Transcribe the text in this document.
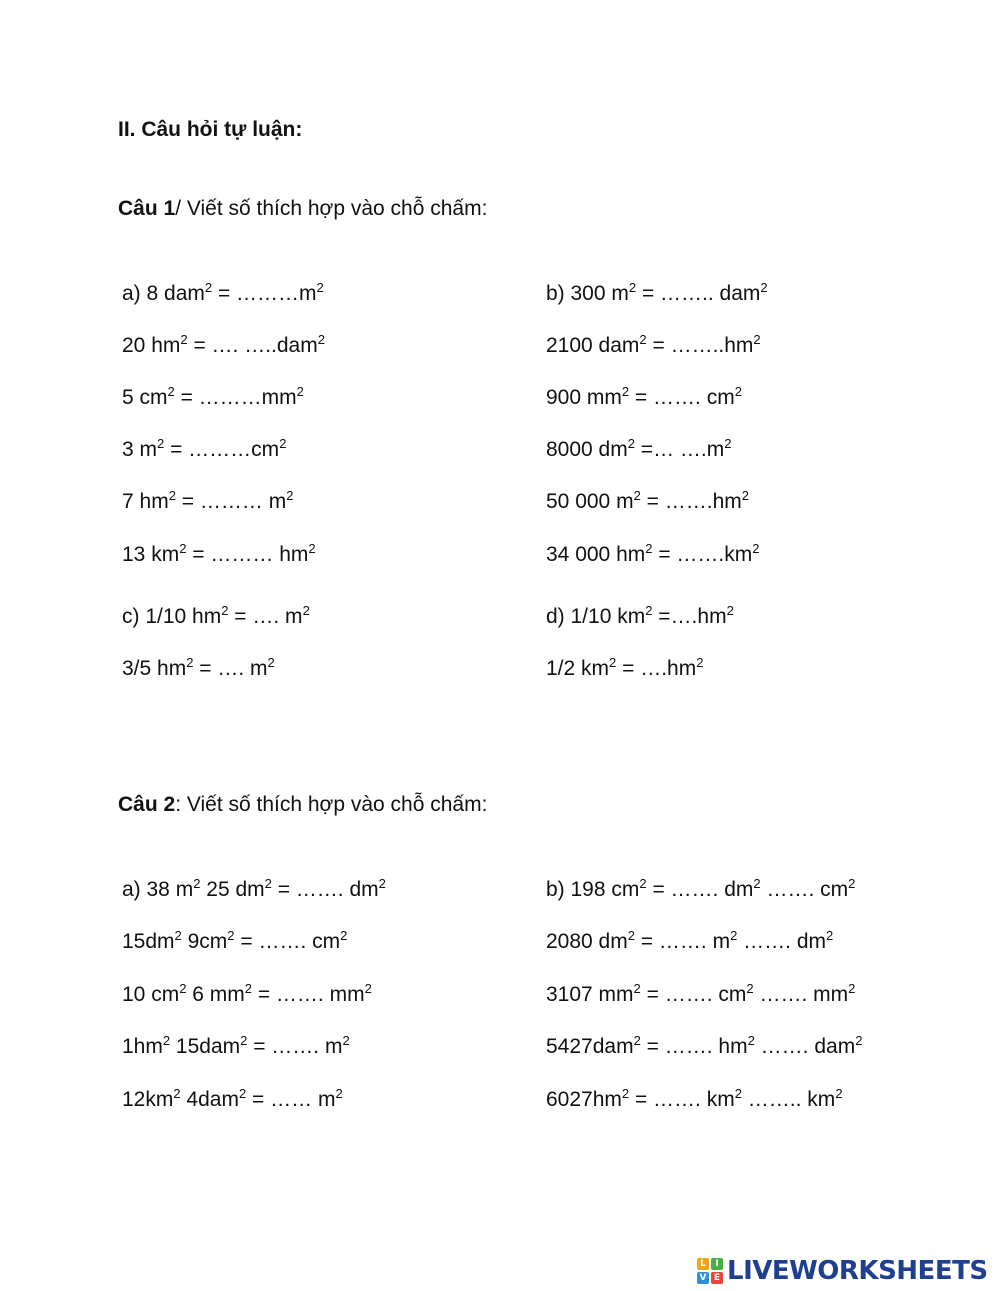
II. Câu hỏi tự luận:

Câu 1/ Viết số thích hợp vào chỗ chấm:

a) 8 $dam^2 = \dots\dots\dots m^2$
20 $hm^2$ = …. …..dam$^2$
5 $cm^2$ = $\dots\dots\dots mm^2$
3 $m^2$ = $\dots\dots\dots cm^2$
7 $hm^2$ = ……… $m^2$
13 $km^2$ = ……… $hm^2$
c) 1/10 $hm^2$ = …. $m^2$
3/5 $hm^2$ = …. $m^2$
b) 300 $m^2$ = …….. dam$^2$
2100 $dam^2 = \dots\dots..hm^2$
900 $mm^2$ = ……. $cm^2$
8000 $dm^2$ =… $\dots.m^2$
50 000 $m^2$ = $\dots\dots.hm^2$
34 000 $hm^2$ = $\dots\dots.km^2$
d) 1/10 $km^2$ $=\dots.hm^2$
1/2 $km^2$ = $\dots.hm^2$

Câu 2: Viết số thích hợp vào chỗ chấm:

a) 38 $m^2$ 25 $dm^2$ = ……. $dm^2$
$15dm^2$ $9cm^2$ = ……. $cm^2$
10 $cm^2$ 6 $mm^2$ = ……. $mm^2$
$1hm^2$ 15dam$^2$ = ……. $m^2$
$12km^2$ 4dam$^2$ = …… $m^2$
b) 198 $cm^2$ = ……. $dm^2$ ……. $cm^2$
2080 $dm^2$ = ……. $m^2$ ……. $dm^2$
3107 $mm^2$ = ……. $cm^2$ ……. $mm^2$
5427dam$^2$ = ……. $hm^2$ ……. dam$^2$
$6027hm^2$ = ……. $km^2$ …….. $km^2$
L	I
V E LIVEWORKSHEETS
